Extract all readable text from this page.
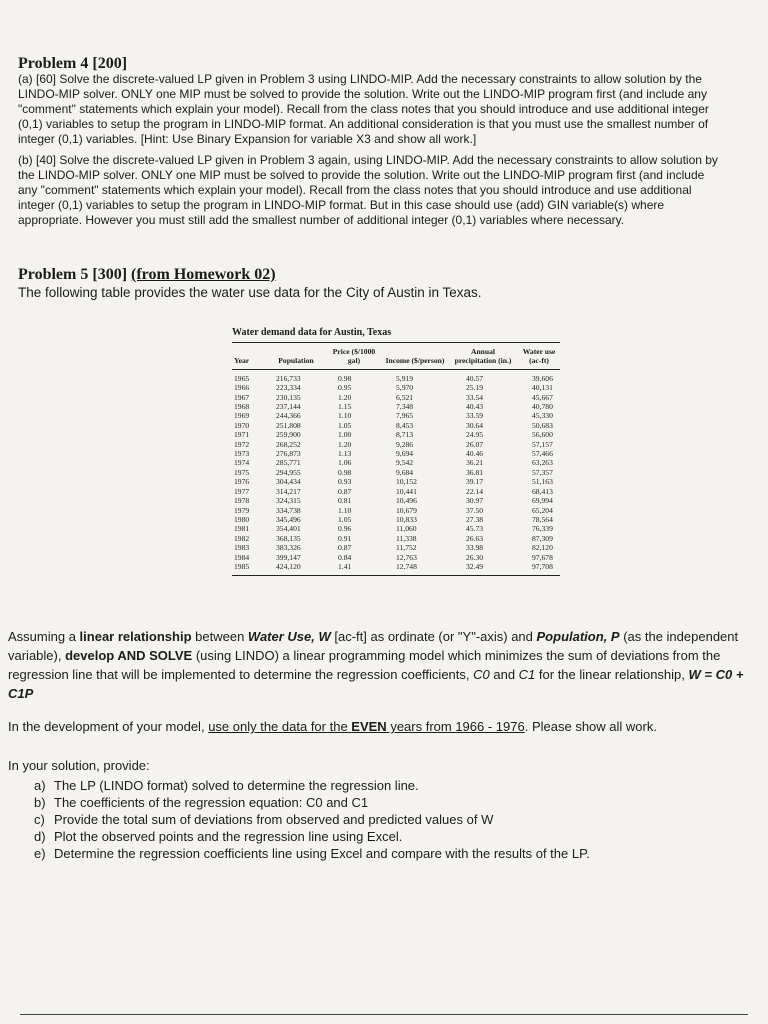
Problem 4 [200]

(a) [60] Solve the discrete-valued LP given in Problem 3 using LINDO-MIP. Add the necessary constraints to allow solution by the LINDO-MIP solver. ONLY one MIP must be solved to provide the solution. Write out the LINDO-MIP program first (and include any "comment" statements which explain your model). Recall from the class notes that you should introduce and use additional integer (0,1) variables to setup the program in LINDO-MIP format. An additional consideration is that you must use the smallest number of integer (0,1) variables. [Hint: Use Binary Expansion for variable X3 and show all work.]

(b) [40] Solve the discrete-valued LP given in Problem 3 again, using LINDO-MIP. Add the necessary constraints to allow solution by the LINDO-MIP solver. ONLY one MIP must be solved to provide the solution. Write out the LINDO-MIP program first (and include any "comment" statements which explain your model). Recall from the class notes that you should introduce and use additional integer (0,1) variables to setup the program in LINDO-MIP format. But in this case should use (add) GIN variable(s) where appropriate. However you must still add the smallest number of additional integer (0,1) variables where necessary.

Problem 5 [300] (from Homework 02)
The following table provides the water use data for the City of Austin in Texas.
Water demand data for Austin, Texas
Year	Population	Price ($/1000 gal)	Income ($/person)	Annual precipitation (in.)	Water use (ac-ft)
1965	216,733	0.98	5,919	40.57	39,606
1966	223,334	0.95	5,970	25.19	40,131
1967	230,135	1.20	6,521	33.54	45,667
1968	237,144	1.15	7,348	40.43	40,780
1969	244,366	1.10	7,965	33.59	45,330
1970	251,808	1.05	8,453	30.64	50,683
1971	259,900	1.00	8,713	24.95	56,600
1972	268,252	1.20	9,286	26.07	57,157
1973	276,873	1.13	9,694	40.46	57,466
1974	285,771	1.06	9,542	36.21	63,263
1975	294,955	0.98	9,684	36.81	57,357
1976	304,434	0.93	10,152	39.17	51,163
1977	314,217	0.87	10,441	22.14	68,413
1978	324,315	0.81	10,496	30.97	69,994
1979	334,738	1.10	10,679	37.50	65,204
1980	345,496	1.05	10,833	27.38	78,564
1981	354,401	0.96	11,060	45.73	76,339
1982	368,135	0.91	11,338	26.63	87,309
1983	383,326	0.87	11,752	33.98	82,120
1984	399,147	0.84	12,763	26.30	97,678
1985	424,120	1.41	12,748	32.49	97,708

Assuming a linear relationship between Water Use, W [ac-ft] as ordinate (or "Y"-axis) and Population, P (as the independent variable), develop AND SOLVE (using LINDO) a linear programming model which minimizes the sum of deviations from the regression line that will be implemented to determine the regression coefficients, C0 and C1 for the linear relationship, W = C0 + C1P

In the development of your model, use only the data for the EVEN years from 1966 - 1976. Please show all work.

In your solution, provide:

a) The LP (LINDO format) solved to determine the regression line.
b) The coefficients of the regression equation: C0 and C1
c) Provide the total sum of deviations from observed and predicted values of W
d) Plot the observed points and the regression line using Excel.
e) Determine the regression coefficients line using Excel and compare with the results of the LP.
